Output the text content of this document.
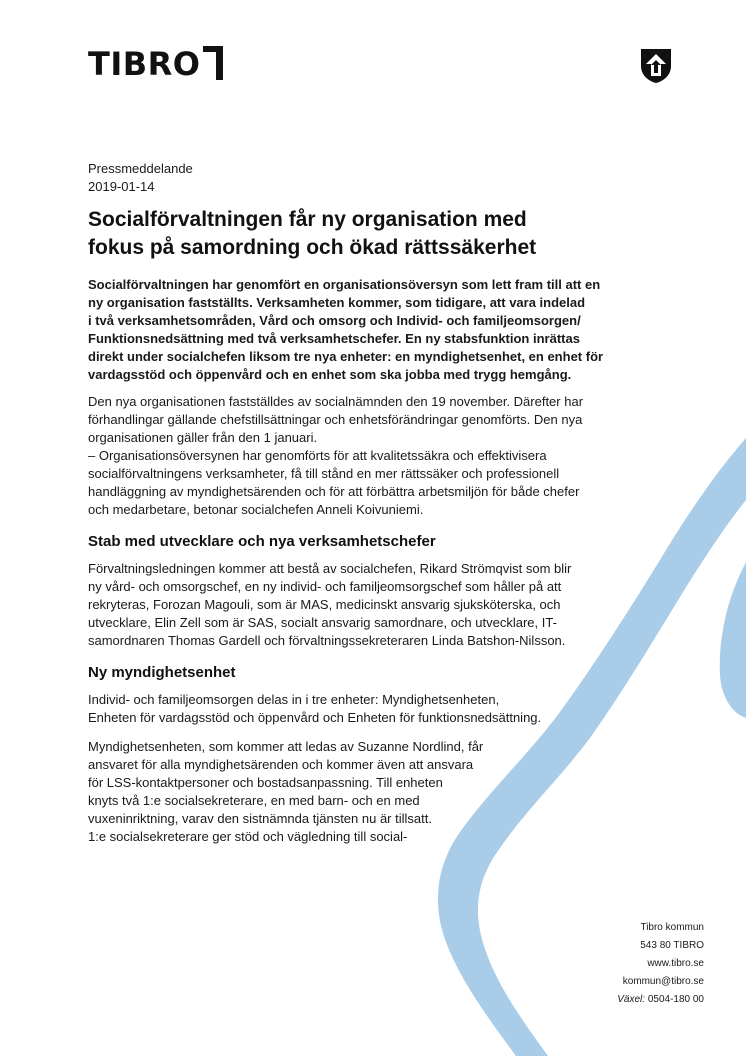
TIBRO

Pressmeddelande

2019-01-14

Socialförvaltningen får ny organisation med
fokus på samordning och ökad rättssäkerhet

Socialförvaltningen har genomfört en organisationsöversyn som lett fram till att en
ny organisation fastställts. Verksamheten kommer, som tidigare, att vara indelad
i två verksamhetsområden, Vård och omsorg och Individ- och familjeomsorgen/
Funktionsnedsättning med två verksamhetschefer. En ny stabsfunktion inrättas
direkt under socialchefen liksom tre nya enheter: en myndighetsenhet, en enhet för
vardagsstöd och öppenvård och en enhet som ska jobba med trygg hemgång.

Den nya organisationen fastställdes av socialnämnden den 19 november. Därefter har
förhandlingar gällande chefstillsättningar och enhetsförändringar genomförts. Den nya
organisationen gäller från den 1 januari.
– Organisationsöversynen har genomförts för att kvalitetssäkra och effektivisera
socialförvaltningens verksamheter, få till stånd en mer rättssäker och professionell
handläggning av myndighetsärenden och för att förbättra arbetsmiljön för både chefer
och medarbetare, betonar socialchefen Anneli Koivuniemi.

Stab med utvecklare och nya verksamhetschefer

Förvaltningsledningen kommer att bestå av socialchefen, Rikard Strömqvist som blir
ny vård- och omsorgschef, en ny individ- och familjeomsorgschef som håller på att
rekryteras, Forozan Magouli, som är MAS, medicinskt ansvarig sjuksköterska, och
utvecklare, Elin Zell som är SAS, socialt ansvarig samordnare, och utvecklare, IT-
samordnaren Thomas Gardell och förvaltningssekreteraren Linda Batshon-Nilsson.

Ny myndighetsenhet

Individ- och familjeomsorgen delas in i tre enheter: Myndighetsenheten,
Enheten för vardagsstöd och öppenvård och Enheten för funktionsnedsättning.

Myndighetsenheten, som kommer att ledas av Suzanne Nordlind, får
ansvaret för alla myndighetsärenden och kommer även att ansvara
för LSS-kontaktpersoner och bostadsanpassning. Till enheten
knyts två 1:e socialsekreterare, en med barn- och en med
vuxeninriktning, varav den sistnämnda tjänsten nu är tillsatt.
1:e socialsekreterare ger stöd och vägledning till social-

Tibro kommun
543 80 TIBRO
www.tibro.se
kommun@tibro.se
Växel: 0504-180 00
